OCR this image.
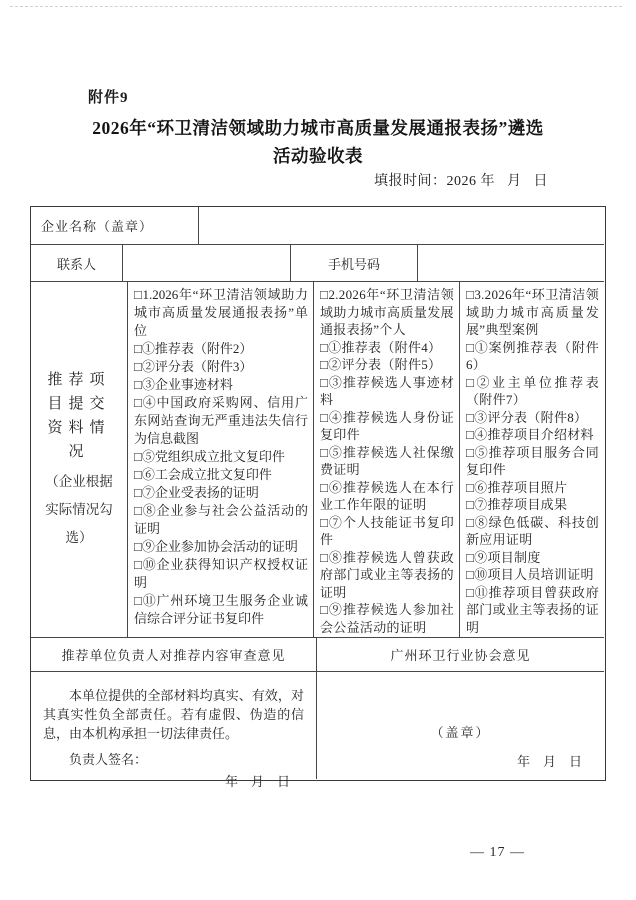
附件9
2026年“环卫清洁领域助力城市高质量发展通报表扬”遴选
活动验收表
填报时间：2026 年   月   日
企业名称（盖章）
联系人	手机号码
推荐项目提交资料情况
（企业根据实际情况勾选）
□1.2026年“环卫清洁领域助力城市高质量发展通报表扬”单位
□①推荐表（附件2）
□②评分表（附件3）
□③企业事迹材料
□④中国政府采购网、信用广东网站查询无严重违法失信行为信息截图
□⑤党组织成立批文复印件
□⑥工会成立批文复印件
□⑦企业受表扬的证明
□⑧企业参与社会公益活动的证明
□⑨企业参加协会活动的证明
□⑩企业获得知识产权授权证明
□⑪广州环境卫生服务企业诚信综合评分证书复印件
□2.2026年“环卫清洁领域助力城市高质量发展通报表扬”个人
□①推荐表（附件4）
□②评分表（附件5）
□③推荐候选人事迹材料
□④推荐候选人身份证复印件
□⑤推荐候选人社保缴费证明
□⑥推荐候选人在本行业工作年限的证明
□⑦个人技能证书复印件
□⑧推荐候选人曾获政府部门或业主等表扬的证明
□⑨推荐候选人参加社会公益活动的证明
□3.2026年“环卫清洁领域助力城市高质量发展”典型案例
□①案例推荐表（附件6）
□②业主单位推荐表（附件7）
□③评分表（附件8）
□④推荐项目介绍材料
□⑤推荐项目服务合同复印件
□⑥推荐项目照片
□⑦推荐项目成果
□⑧绿色低碳、科技创新应用证明
□⑨项目制度
□⑩项目人员培训证明
□⑪推荐项目曾获政府部门或业主等表扬的证明
推荐单位负责人对推荐内容审查意见	广州环卫行业协会意见

本单位提供的全部材料均真实、有效，对其真实性负全部责任。若有虚假、伪造的信息，由本机构承担一切法律责任。

负责人签名：
年    月    日
（盖章）
年    月    日
— 17 —
